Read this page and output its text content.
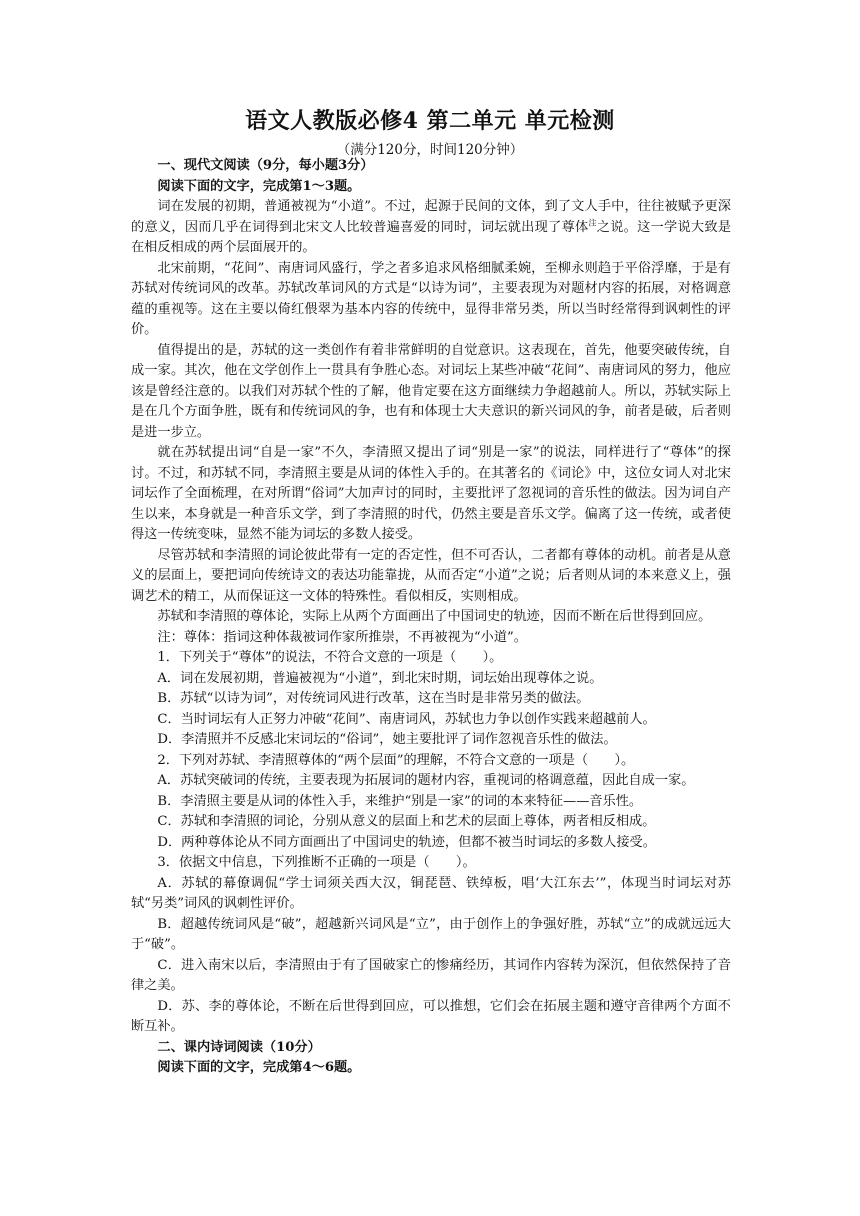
语文人教版必修4 第二单元 单元检测
（满分120分，时间120分钟）

一、现代文阅读（9分，每小题3分）

阅读下面的文字，完成第1～3题。

词在发展的初期，普通被视为“小道”。不过，起源于民间的文体，到了文人手中，往往被赋予更深的意义，因而几乎在词得到北宋文人比较普遍喜爱的同时，词坛就出现了尊体$^注$之说。这一学说大致是在相反相成的两个层面展开的。

北宋前期，“花间”、南唐词风盛行，学之者多追求风格细腻柔婉，至柳永则趋于平俗浮靡，于是有苏轼对传统词风的改革。苏轼改革词风的方式是“以诗为词”，主要表现为对题材内容的拓展，对格调意蕴的重视等。这在主要以倚红偎翠为基本内容的传统中，显得非常另类，所以当时经常得到讽刺性的评价。

值得提出的是，苏轼的这一类创作有着非常鲜明的自觉意识。这表现在，首先，他要突破传统，自成一家。其次，他在文学创作上一贯具有争胜心态。对词坛上某些冲破“花间”、南唐词风的努力，他应该是曾经注意的。以我们对苏轼个性的了解，他肯定要在这方面继续力争超越前人。所以，苏轼实际上是在几个方面争胜，既有和传统词风的争，也有和体现士大夫意识的新兴词风的争，前者是破，后者则是进一步立。

就在苏轼提出词“自是一家”不久，李清照又提出了词“别是一家”的说法，同样进行了“尊体”的探讨。不过，和苏轼不同，李清照主要是从词的体性入手的。在其著名的《词论》中，这位女词人对北宋词坛作了全面梳理，在对所谓“俗词”大加声讨的同时，主要批评了忽视词的音乐性的做法。因为词自产生以来，本身就是一种音乐文学，到了李清照的时代，仍然主要是音乐文学。偏离了这一传统，或者使得这一传统变味，显然不能为词坛的多数人接受。

尽管苏轼和李清照的词论彼此带有一定的否定性，但不可否认，二者都有尊体的动机。前者是从意义的层面上，要把词向传统诗文的表达功能靠拢，从而否定“小道”之说；后者则从词的本来意义上，强调艺术的精工，从而保证这一文体的特殊性。看似相反，实则相成。

苏轼和李清照的尊体论，实际上从两个方面画出了中国词史的轨迹，因而不断在后世得到回应。

注：尊体：指词这种体裁被词作家所推崇，不再被视为“小道”。

1．下列关于“尊体”的说法，不符合文意的一项是（　　）。

A．词在发展初期，普遍被视为“小道”，到北宋时期，词坛始出现尊体之说。

B．苏轼“以诗为词”，对传统词风进行改革，这在当时是非常另类的做法。

C．当时词坛有人正努力冲破“花间”、南唐词风，苏轼也力争以创作实践来超越前人。

D．李清照并不反感北宋词坛的“俗词”，她主要批评了词作忽视音乐性的做法。

2．下列对苏轼、李清照尊体的“两个层面”的理解，不符合文意的一项是（　　）。

A．苏轼突破词的传统，主要表现为拓展词的题材内容，重视词的格调意蕴，因此自成一家。

B．李清照主要是从词的体性入手，来维护“别是一家”的词的本来特征——音乐性。

C．苏轼和李清照的词论，分别从意义的层面上和艺术的层面上尊体，两者相反相成。

D．两种尊体论从不同方面画出了中国词史的轨迹，但都不被当时词坛的多数人接受。

3．依据文中信息，下列推断不正确的一项是（　　）。

A．苏轼的幕僚调侃“学士词须关西大汉，铜琵琶、铁绰板，唱‘大江东去’”，体现当时词坛对苏轼“另类”词风的讽刺性评价。

B．超越传统词风是“破”，超越新兴词风是“立”，由于创作上的争强好胜，苏轼“立”的成就远远大于“破”。

C．进入南宋以后，李清照由于有了国破家亡的惨痛经历，其词作内容转为深沉，但依然保持了音律之美。

D．苏、李的尊体论，不断在后世得到回应，可以推想，它们会在拓展主题和遵守音律两个方面不断互补。

二、课内诗词阅读（10分）

阅读下面的文字，完成第4～6题。
